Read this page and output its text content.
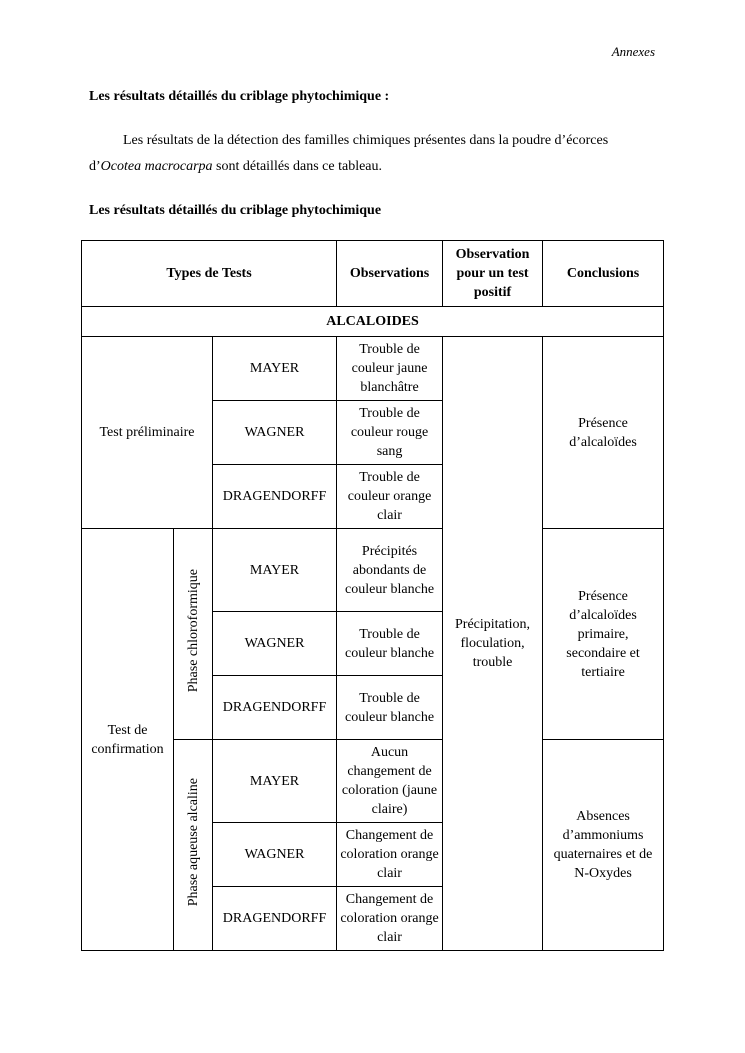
Annexes
Les résultats détaillés du criblage phytochimique :
Les résultats de la détection des familles chimiques présentes dans la poudre d’écorces d’Ocotea macrocarpa sont détaillés dans ce tableau.
Les résultats détaillés du criblage phytochimique
Types de Tests			Observations	Observation pour un test positif	Conclusions
ALCALOIDES					
Test préliminaire		MAYER	Trouble de couleur jaune blanchâtre	Précipitation, floculation, trouble	Présence d’alcaloïdes
		WAGNER	Trouble de couleur rouge sang		
		DRAGENDORFF	Trouble de couleur orange clair		
Test de confirmation	Phase chloroformique	MAYER	Précipités abondants de couleur blanche		Présence d’alcaloïdes primaire, secondaire et tertiaire
		WAGNER	Trouble de couleur blanche		
		DRAGENDORFF	Trouble de couleur blanche		
	Phase aqueuse alcaline	MAYER	Aucun changement de coloration (jaune claire)		Absences d’ammoniums quaternaires et de N-Oxydes
		WAGNER	Changement de coloration orange clair		
		DRAGENDORFF	Changement de coloration orange clair		
